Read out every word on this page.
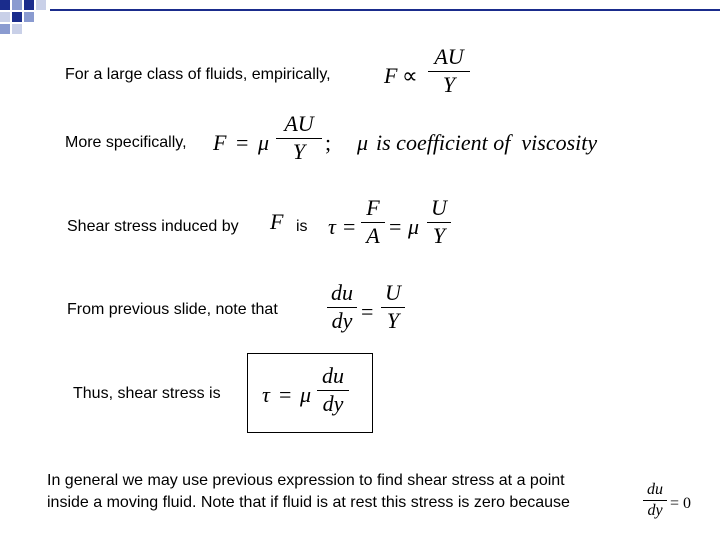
For a large class of fluids, empirically, F ∝
AU
Y
More specifically, F = μ
AU
Y ; μ is coefficient of  viscosity
Shear stress induced by F is τ =
F
A = μ
U
Y
From previous slide, note that
du
dy =
U
Y
Thus, shear stress is τ = μ
du
dy
In general we may use previous expression to find shear stress at a point
inside a moving fluid. Note that if fluid is at rest this stress is zero because
du
dy = 0
